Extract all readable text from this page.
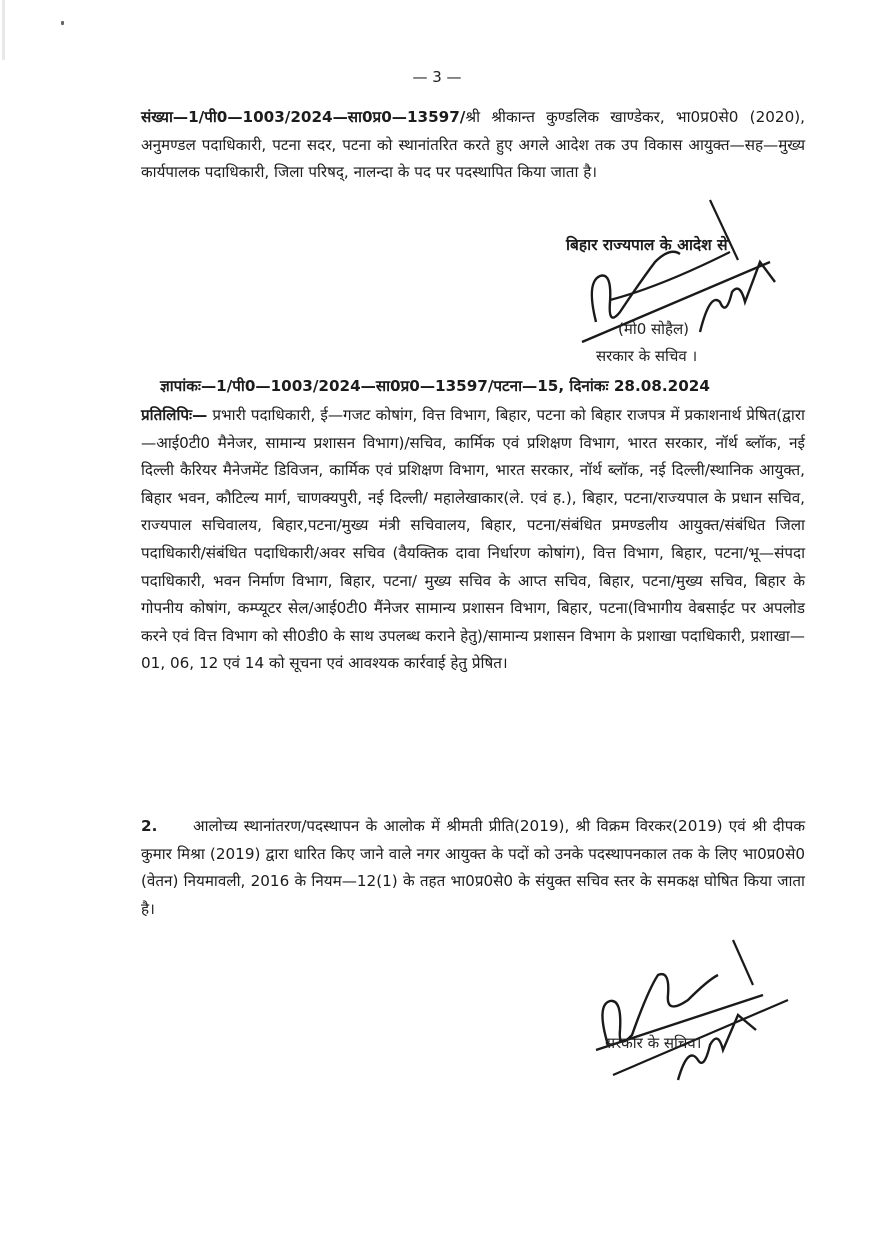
— 3 —
संख्या—1/पी0—1003/2024—सा0प्र0—13597/श्री श्रीकान्त कुण्डलिक खाण्डेकर, भा0प्र0से0 (2020), अनुमण्डल पदाधिकारी, पटना सदर, पटना को स्थानांतरित करते हुए अगले आदेश तक उप विकास आयुक्त—सह—मुख्य कार्यपालक पदाधिकारी, जिला परिषद्, नालन्दा के पद पर पदस्थापित किया जाता है।
बिहार राज्यपाल के आदेश से
(मो0 सोहैल)
सरकार के सचिव ।
ज्ञापांकः—1/पी0—1003/2024—सा0प्र0—13597/पटना—15, दिनांकः 28.08.2024
प्रतिलिपिः— प्रभारी पदाधिकारी, ई—गजट कोषांग, वित्त विभाग, बिहार, पटना को बिहार राजपत्र में प्रकाशनार्थ प्रेषित(द्वारा—आई0टी0 मैनेजर, सामान्य प्रशासन विभाग)/सचिव, कार्मिक एवं प्रशिक्षण विभाग, भारत सरकार, नॉर्थ ब्लॉक, नई दिल्ली कैरियर मैनेजमेंट डिविजन, कार्मिक एवं प्रशिक्षण विभाग, भारत सरकार, नॉर्थ ब्लॉक, नई दिल्ली/स्थानिक आयुक्त, बिहार भवन, कौटिल्य मार्ग, चाणक्यपुरी, नई दिल्ली/ महालेखाकार(ले. एवं ह.), बिहार, पटना/राज्यपाल के प्रधान सचिव, राज्यपाल सचिवालय, बिहार,पटना/मुख्य मंत्री सचिवालय, बिहार, पटना/संबंधित प्रमण्डलीय आयुक्त/संबंधित जिला पदाधिकारी/संबंधित पदाधिकारी/अवर सचिव (वैयक्तिक दावा निर्धारण कोषांग), वित्त विभाग, बिहार, पटना/भू—संपदा पदाधिकारी, भवन निर्माण विभाग, बिहार, पटना/ मुख्य सचिव के आप्त सचिव, बिहार, पटना/मुख्य सचिव, बिहार के गोपनीय कोषांग, कम्प्यूटर सेल/आई0टी0 मैंनेजर सामान्य प्रशासन विभाग, बिहार, पटना(विभागीय वेबसाईट पर अपलोड करने एवं वित्त विभाग को सी0डी0 के साथ उपलब्ध कराने हेतु)/सामान्य प्रशासन विभाग के प्रशाखा पदाधिकारी, प्रशाखा—01, 06, 12 एवं 14 को सूचना एवं आवश्यक कार्रवाई हेतु प्रेषित।
2. आलोच्य स्थानांतरण/पदस्थापन के आलोक में श्रीमती प्रीति(2019), श्री विक्रम विरकर(2019) एवं श्री दीपक कुमार मिश्रा (2019) द्वारा धारित किए जाने वाले नगर आयुक्त के पदों को उनके पदस्थापनकाल तक के लिए भा0प्र0से0 (वेतन) नियमावली, 2016 के नियम—12(1) के तहत भा0प्र0से0 के संयुक्त सचिव स्तर के समकक्ष घोषित किया जाता है।
सरकार के सचिव।
